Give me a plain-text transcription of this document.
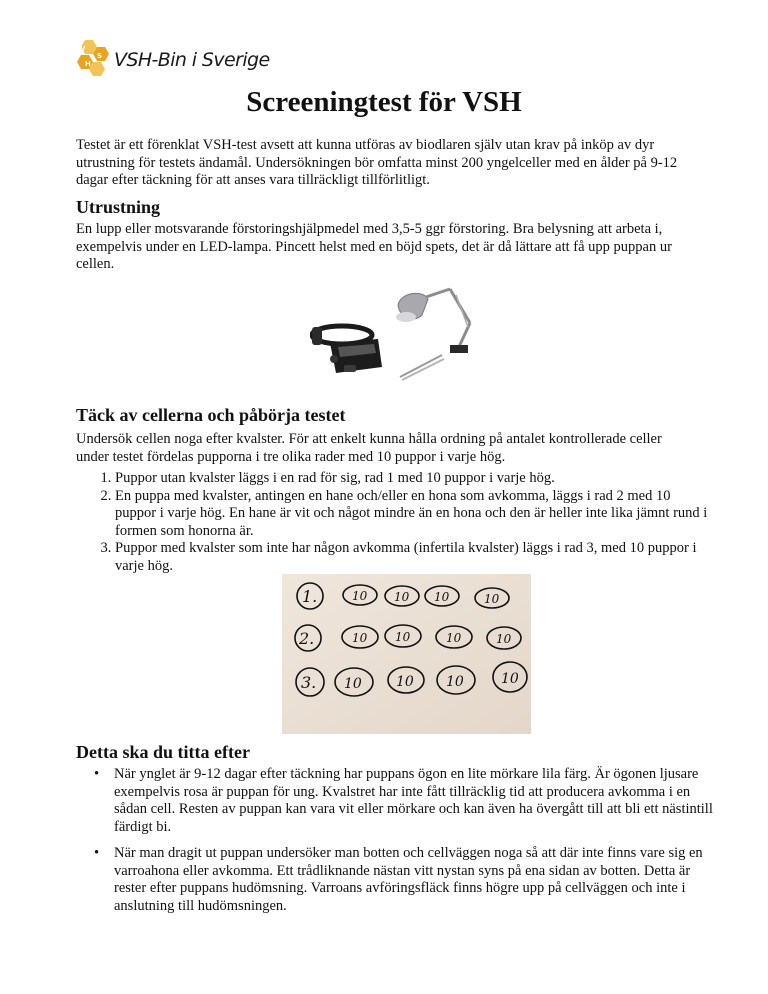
V
S
H VSH-Bin i Sverige
Screeningtest för VSH

Testet är ett förenklat VSH-test avsett att kunna utföras av biodlaren själv utan krav på inköp av dyr utrustning för testets ändamål. Undersökningen bör omfatta minst 200 yngelceller med en ålder på 9-12 dagar efter täckning för att anses vara tillräckligt tillförlitligt.

Utrustning

En lupp eller motsvarande förstoringshjälpmedel med 3,5-5 ggr förstoring. Bra belysning att arbeta i, exempelvis under en LED-lampa. Pincett helst med en böjd spets, det är då lättare att få upp puppan ur cellen.

Täck av cellerna och påbörja testet

Undersök cellen noga efter kvalster. För att enkelt kunna hålla ordning på antalet kontrollerade celler under testet fördelas pupporna i tre olika rader med 10 puppor i varje hög.

1. Puppor utan kvalster läggs i en rad för sig, rad 1 med 10 puppor i varje hög.
2. En puppa med kvalster, antingen en hane och/eller en hona som avkomma, läggs i rad 2 med 10 puppor i varje hög. En hane är vit och något mindre än en hona och den är heller inte lika jämnt rund i formen som honorna är.
3. Puppor med kvalster som inte har någon avkomma (infertila kvalster) läggs i rad 3, med 10 puppor i varje hög.
1.	10 10 10	10
2.	10 10	10	10
3. 10 10 10	10
Detta ska du titta efter
• När ynglet är 9-12 dagar efter täckning har puppans ögon en lite mörkare lila färg. Är ögonen ljusare exempelvis rosa är puppan för ung. Kvalstret har inte fått tillräcklig tid att producera avkomma i en sådan cell. Resten av puppan kan vara vit eller mörkare och kan även ha övergått till att bli ett nästintill färdigt bi.
• När man dragit ut puppan undersöker man botten och cellväggen noga så att där inte finns vare sig en varroahona eller avkomma. Ett trådliknande nästan vitt nystan syns på ena sidan av botten. Detta är rester efter puppans hudömsning. Varroans avföringsfläck finns högre upp på cellväggen och inte i anslutning till hudömsningen.
